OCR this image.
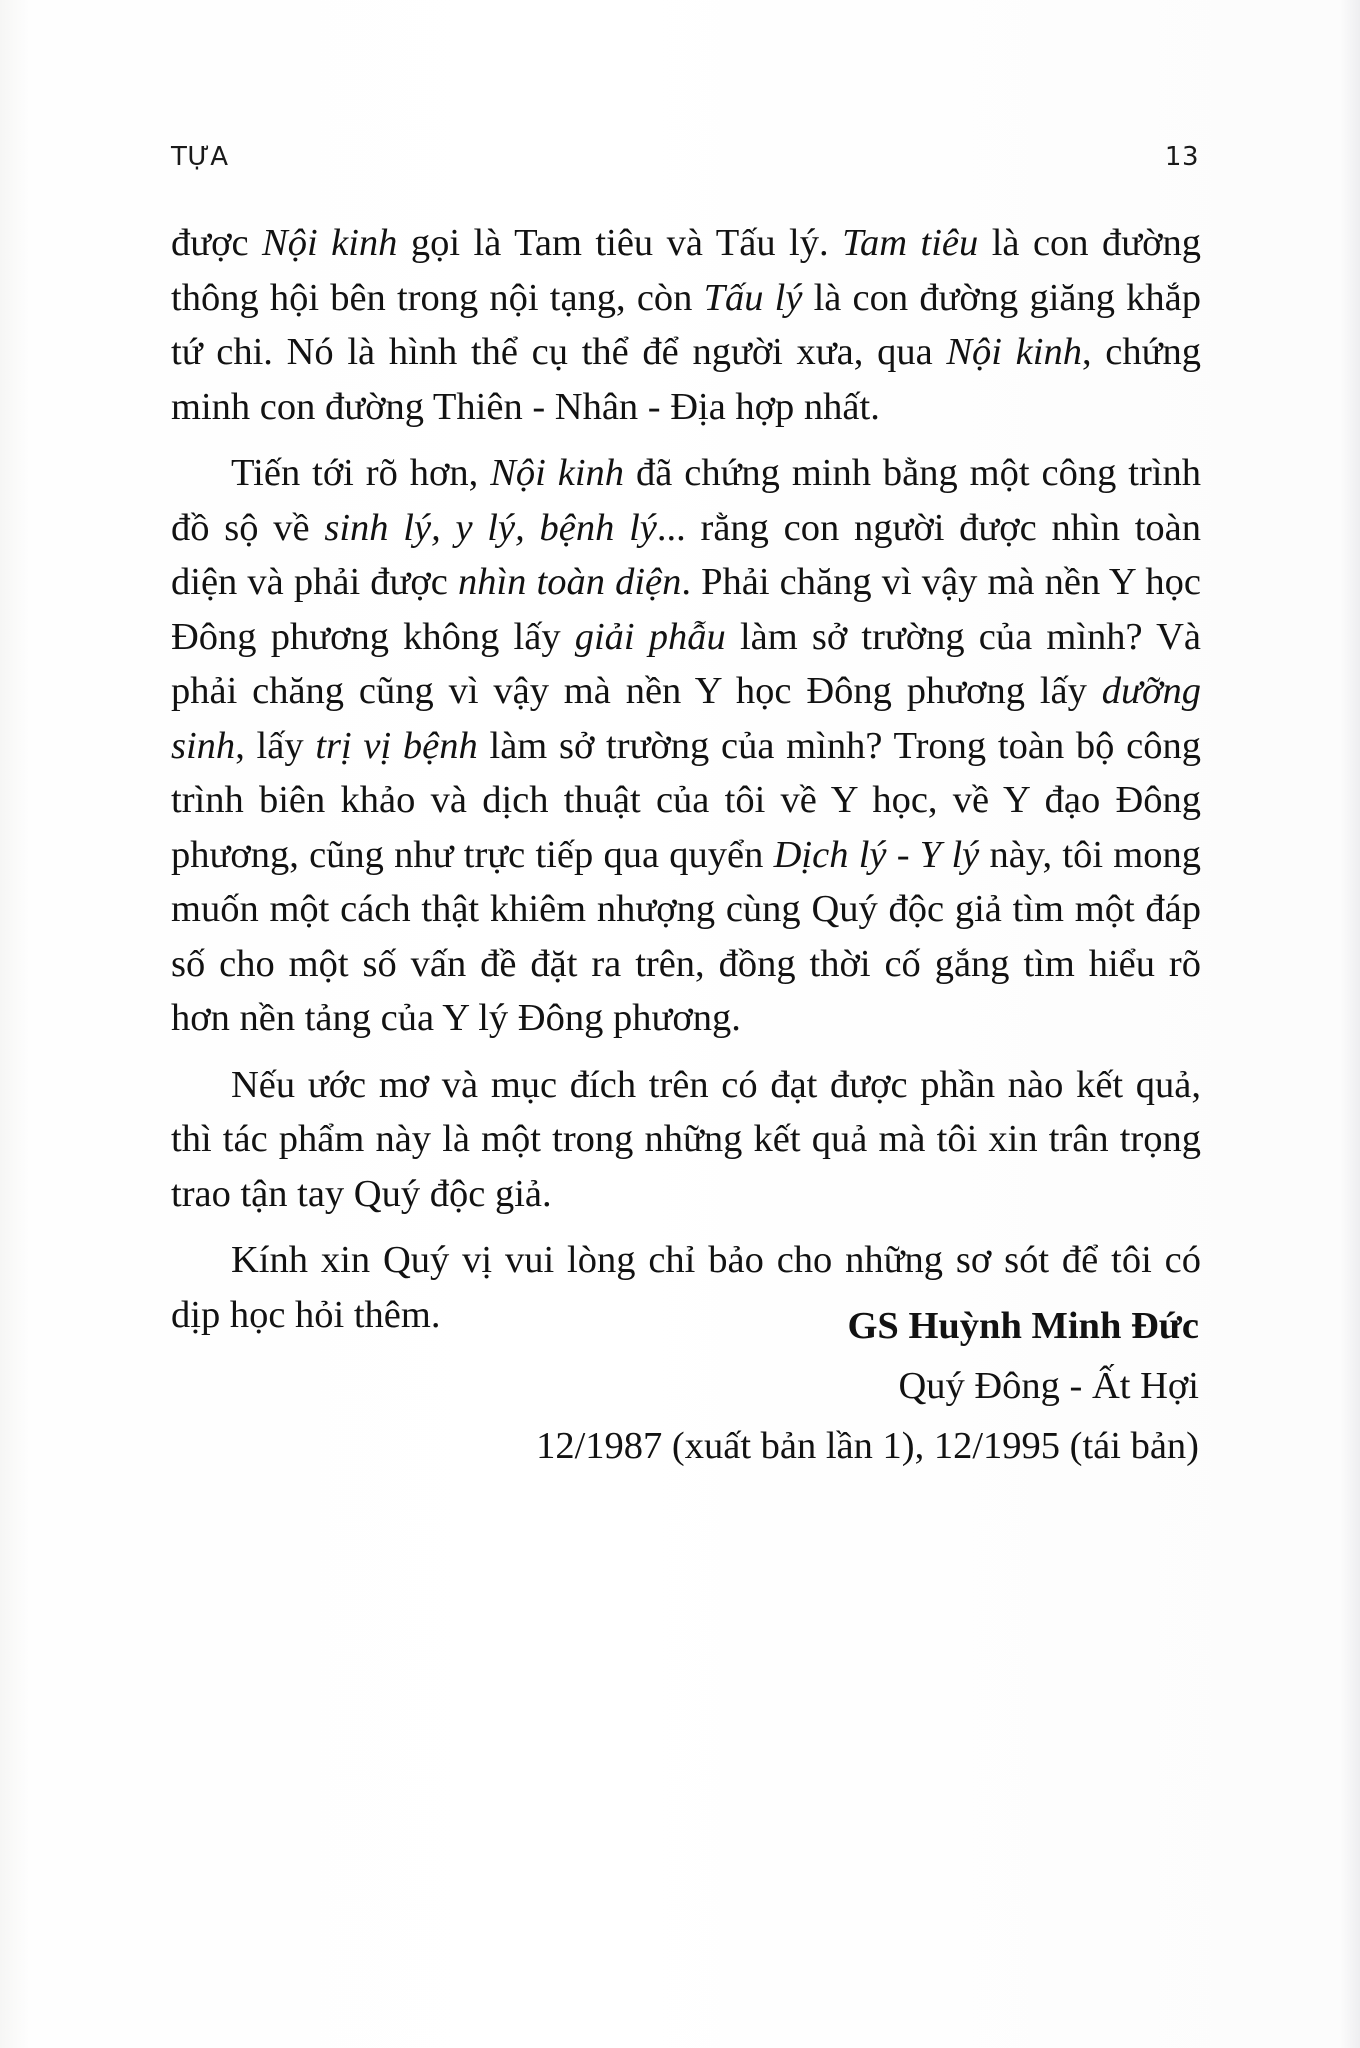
TỰA	13

được Nội kinh gọi là Tam tiêu và Tấu lý. Tam tiêu là con đường thông hội bên trong nội tạng, còn Tấu lý là con đường giăng khắp tứ chi. Nó là hình thể cụ thể để người xưa, qua Nội kinh, chứng minh con đường Thiên - Nhân - Địa hợp nhất.

Tiến tới rõ hơn, Nội kinh đã chứng minh bằng một công trình đồ sộ về sinh lý, y lý, bệnh lý... rằng con người được nhìn toàn diện và phải được nhìn toàn diện. Phải chăng vì vậy mà nền Y học Đông phương không lấy giải phẫu làm sở trường của mình? Và phải chăng cũng vì vậy mà nền Y học Đông phương lấy dưỡng sinh, lấy trị vị bệnh làm sở trường của mình? Trong toàn bộ công trình biên khảo và dịch thuật của tôi về Y học, về Y đạo Đông phương, cũng như trực tiếp qua quyển Dịch lý - Y lý này, tôi mong muốn một cách thật khiêm nhượng cùng Quý độc giả tìm một đáp số cho một số vấn đề đặt ra trên, đồng thời cố gắng tìm hiểu rõ hơn nền tảng của Y lý Đông phương.

Nếu ước mơ và mục đích trên có đạt được phần nào kết quả, thì tác phẩm này là một trong những kết quả mà tôi xin trân trọng trao tận tay Quý độc giả.

Kính xin Quý vị vui lòng chỉ bảo cho những sơ sót để tôi có dịp học hỏi thêm.	GS Huỳnh Minh Đức
Quý Đông - Ất Hợi
12/1987 (xuất bản lần 1), 12/1995 (tái bản)
